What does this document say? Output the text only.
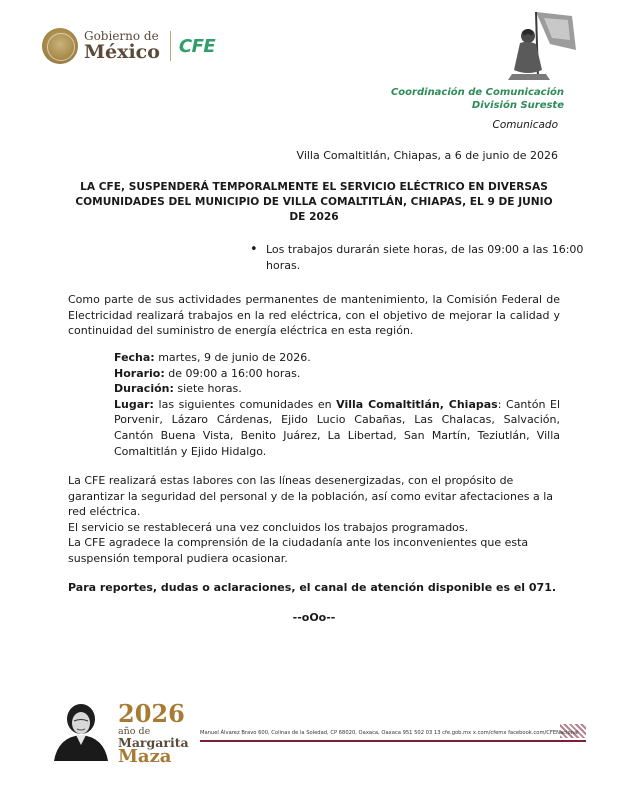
Gobierno de
México CFE
Coordinación de Comunicación
División Sureste
Comunicado
Villa Comaltitlán, Chiapas, a 6 de junio de 2026
LA CFE, SUSPENDERÁ TEMPORALMENTE EL SERVICIO ELÉCTRICO EN DIVERSAS COMUNIDADES DEL MUNICIPIO DE VILLA COMALTITLÁN, CHIAPAS, EL 9 DE JUNIO DE 2026
• Los trabajos durarán siete horas, de las 09:00 a las 16:00 horas.
Como parte de sus actividades permanentes de mantenimiento, la Comisión Federal de Electricidad realizará trabajos en la red eléctrica, con el objetivo de mejorar la calidad y continuidad del suministro de energía eléctrica en esta región.
Fecha: martes, 9 de junio de 2026.
Horario: de 09:00 a 16:00 horas.
Duración: siete horas.
Lugar: las siguientes comunidades en Villa Comaltitlán, Chiapas: Cantón El Porvenir, Lázaro Cárdenas, Ejido Lucio Cabañas, Las Chalacas, Salvación, Cantón Buena Vista, Benito Juárez, La Libertad, San Martín, Teziutlán, Villa Comaltitlán y Ejido Hidalgo.
La CFE realizará estas labores con las líneas desenergizadas, con el propósito de garantizar la seguridad del personal y de la población, así como evitar afectaciones a la red eléctrica.
El servicio se restablecerá una vez concluidos los trabajos programados.
La CFE agradece la comprensión de la ciudadanía ante los inconvenientes que esta suspensión temporal pudiera ocasionar.
Para reportes, dudas o aclaraciones, el canal de atención disponible es el 071.
--oOo--
2026
año de
Margarita
Maza
Manuel Álvarez Bravo 600, Colinas de la Soledad, CP 68020, Oaxaca, Oaxaca 951 502 03 13 cfe.gob.mx x.com/cfemx facebook.com/CFENacional
